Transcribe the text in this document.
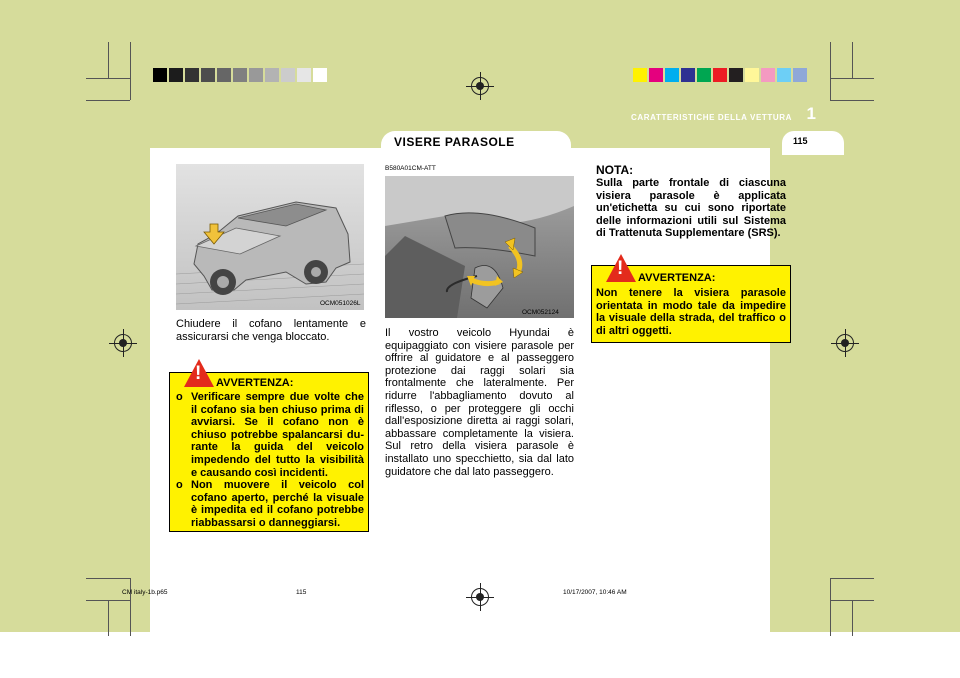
CARATTERISTICHE DELLA VETTURA 1
115
VISERE PARASOLE
OCM051026L
Chiudere il cofano lentamente e assicurarsi che venga bloccato.
! AVVERTENZA:
o Verificare sempre due volte che il cofano sia ben chiuso prima di avviarsi. Se il cofano non è chiuso potrebbe spalancarsi du- rante la guida del veicolo impedendo del tutto la visibilità e causando così incidenti.
o Non muovere il veicolo col cofano aperto, perché la visuale è impedita ed il cofano potrebbe riabbassarsi o danneggiarsi.
B580A01CM-ATT
OCM052124
Il vostro veicolo Hyundai è equipaggiato con visiere parasole per offrire al guidatore e al passeggero protezione dai raggi solari sia frontalmente che lateralmente. Per ridurre l'abbagliamento dovuto al riflesso, o per proteggere gli occhi dall'esposizione diretta ai raggi solari, abbassare completamente la visiera. Sul retro della visiera parasole è installato uno specchietto, sia dal lato guidatore che dal lato passeggero.
NOTA:
Sulla parte frontale di ciascuna visiera parasole è applicata un'etichetta su cui sono riportate delle informazioni utili sul Sistema di Trattenuta Supplementare (SRS).
! AVVERTENZA:
Non tenere la visiera parasole orientata in modo tale da impedire la visuale della strada, del traffico o di altri oggetti.
CM italy-1b.p65	115	10/17/2007, 10:46 AM
